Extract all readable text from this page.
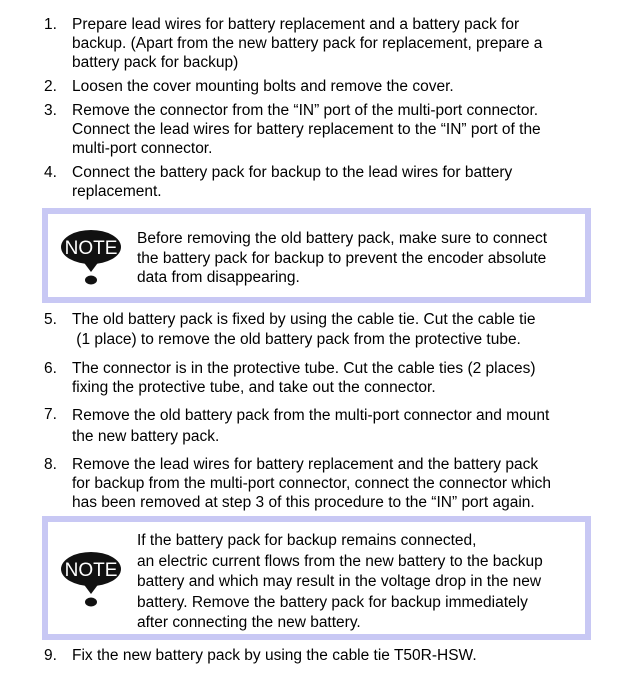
1. Prepare lead wires for battery replacement and a battery pack for
backup. (Apart from the new battery pack for replacement, prepare a
battery pack for backup)
2. Loosen the cover mounting bolts and remove the cover.
3. Remove the connector from the “IN” port of the multi-port connector.
Connect the lead wires for battery replacement to the “IN” port of the
multi-port connector.
4. Connect the battery pack for backup to the lead wires for battery
replacement.
NOTE Before removing the old battery pack, make sure to connect
the battery pack for backup to prevent the encoder absolute
data from disappearing.
5. The old battery pack is fixed by using the cable tie. Cut the cable tie
(1 place) to remove the old battery pack from the protective tube.
6. The connector is in the protective tube. Cut the cable ties (2 places)
fixing the protective tube, and take out the connector.
7. Remove the old battery pack from the multi-port connector and mount
the new battery pack.
8. Remove the lead wires for battery replacement and the battery pack
for backup from the multi-port connector, connect the connector which
has been removed at step 3 of this procedure to the “IN” port again.
NOTE
If the battery pack for backup remains connected,
an electric current flows from the new battery to the backup
battery and which may result in the voltage drop in the new
battery. Remove the battery pack for backup immediately
after connecting the new battery.
9. Fix the new battery pack by using the cable tie T50R-HSW.
